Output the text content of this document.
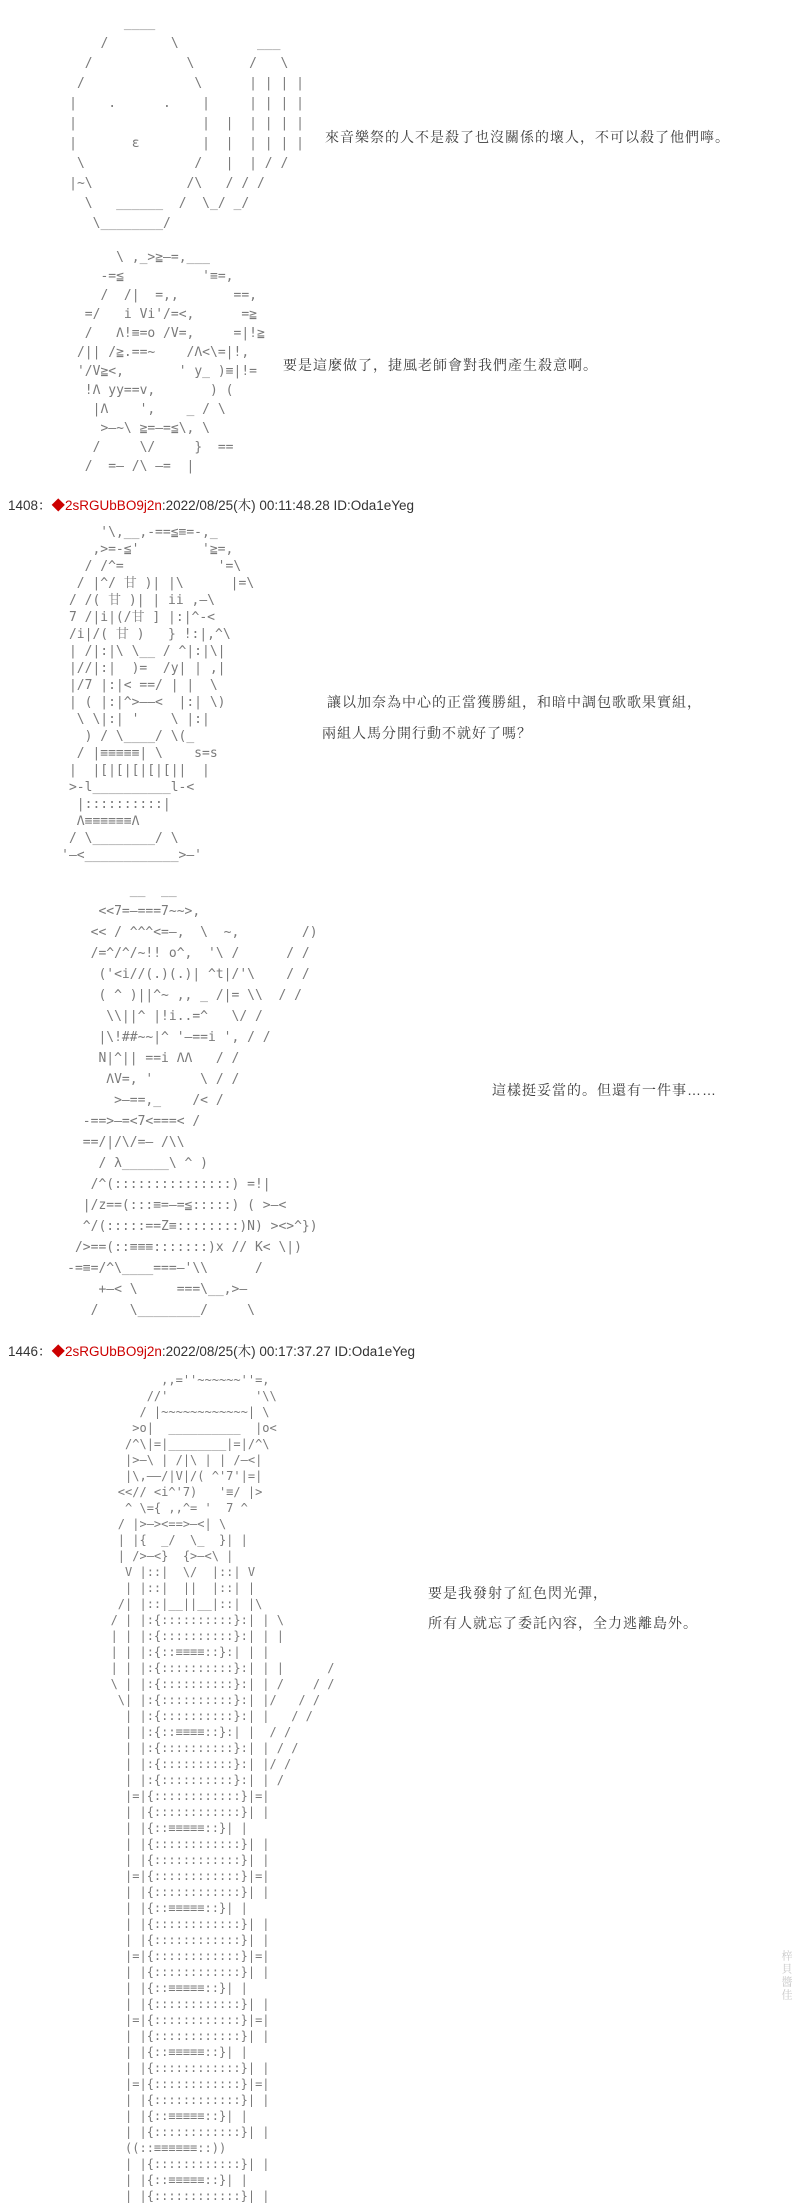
____
/        \          ___
/            \       /   \
/              \      | | | |
|    .      .    |     | | | |
|                |  |  | | | |
|       ε        |  |  | | | |
\              /   |  | / /
|~\            /\   / / /
\   ______  /  \_/ _/
\________/
來音樂祭的人不是殺了也沒關係的壞人，不可以殺了他們嚀。
\ ,_>≧—=,___
-=≦          '≡=,
/  /|  =,,       ==,
=/   i Vi'/=<,      =≧
/   Λ!≡=o /V=,     =|!≧
/|| /≧.==~    /Λ<\=|!,
'/V≧<,       ' y_ )≡|!=
!Λ yy==v,       ) (
|Λ    ',    _ / \
>—~\ ≧=—=≦\, \
/     \/     }  ==
/  =— /\ —=  |
要是這麼做了，捷風老師會對我們產生殺意啊。
1408：◆2sRGUbBO9j2n:2022/08/25(木) 00:11:48.28 ID:Oda1eYeg
'\,__,-==≦≡=-,_
,>=-≦'        '≧=,
/ /^=            '=\
/ |^/ 甘 )| |\      |=\
/ /( 甘 )| | ii ,—\
7 /|i|(/甘 ] |:|^-<
/i|/( 甘 )   } !:|,^\
| /|:|\ \__ / ^|:|\|
|//|:|  )=  /y| | ,|
|/7 |:|< ==/ | |  \
| ( |:|^>——<  |:| \)
\ \|:| '    \ |:|
) / \____/ \(_
/ |≡≡≡≡≡| \    s=s
|  |[|[|[|[|[||  |
>-l__________l-<
|::::::::::|
Λ≡≡≡≡≡≡Λ
/ \________/ \
'—<____________>—'
讓以加奈為中心的正當獲勝組，和暗中調包歌歌果實組，
兩組人馬分開行動不就好了嗎？
__  __
<<7=—===7~~>,
<< / ^^^<=—,  \  ~,        /)
/=^/^/~!! o^,  '\ /      / /
('<i//(.)(.)| ^t|/'\    / /
( ^ )||^~ ,, _ /|= \\  / /
\\||^ |!i..=^   \/ /
|\!##~~|^ '—==i ', / /
N|^|| ==i ΛΛ   / /
ΛV=, '      \ / /
>—==,_    /< /
-==>—=<7<===< /
==/|/\/=— /\\
/ λ______\ ^ )
/^(:::::::::::::::) =!|
|/z==(:::≡=—=≦:::::) ( >—<
^/(:::::==Z≡::::::::)N) ><>^})
/>==(::≡≡≡:::::::)x // K< \|)
-=≡=/^\____===—'\\      /
+—< \     ===\__,>—
/    \________/     \
這樣挺妥當的。但還有一件事……
1446：◆2sRGUbBO9j2n:2022/08/25(木) 00:17:37.27 ID:Oda1eYeg
,,=''~~~~~~''=,
//'            '\\
/ |~~~~~~~~~~~~| \
>o|  __________  |o<
/^\|=|________|=|/^\
|>—\ | /|\ | | /—<|
|\,——/|V|/( ^'7'|=|
<<// <i^'7)   '≡/ |>
^ \={ ,,^= '  7 ^
/ |>—><==>—<| \
| |{  _/  \_  }| |
| />—<}  {>—<\ |
V |::|  \/  |::| V
| |::|  ||  |::| |
/| |::|__||__|::| |\
/ | |:{::::::::::}:| | \
| | |:{::::::::::}:| | |
| | |:{::≡≡≡≡::}:| | |
| | |:{::::::::::}:| | |      /
\ | |:{::::::::::}:| | /    / /
\| |:{::::::::::}:| |/   / /
| |:{::::::::::}:| |   / /
| |:{::≡≡≡≡::}:| |  / /
| |:{::::::::::}:| | / /
| |:{::::::::::}:| |/ /
| |:{::::::::::}:| | /
|=|{::::::::::::}|=|
| |{::::::::::::}| |
| |{::≡≡≡≡≡::}| |
| |{::::::::::::}| |
| |{::::::::::::}| |
|=|{::::::::::::}|=|
| |{::::::::::::}| |
| |{::≡≡≡≡≡::}| |
| |{::::::::::::}| |
| |{::::::::::::}| |
|=|{::::::::::::}|=|
| |{::::::::::::}| |
| |{::≡≡≡≡≡::}| |
| |{::::::::::::}| |
|=|{::::::::::::}|=|
| |{::::::::::::}| |
| |{::≡≡≡≡≡::}| |
| |{::::::::::::}| |
|=|{::::::::::::}|=|
| |{::::::::::::}| |
| |{::≡≡≡≡≡::}| |
| |{::::::::::::}| |
((::≡≡≡≡≡≡::))
| |{::::::::::::}| |
| |{::≡≡≡≡≡::}| |
| |{::::::::::::}| |
要是我發射了紅色閃光彈，
所有人就忘了委託內容，全力逃離島外。
梓貝醬佳
